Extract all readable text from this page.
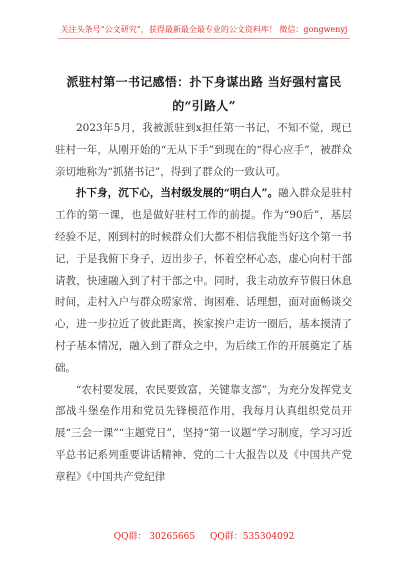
关注头条号“公文研究”，获得最新最全最专业的公文资料库！ 微信：gongwenyj
派驻村第一书记感悟：扑下身谋出路 当好强村富民的“引路人”

2023年5月，我被派驻到x担任第一书记，不知不觉，现已驻村一年，从刚开始的“无从下手”到现在的“得心应手”，被群众亲切地称为“抓猪书记”，得到了群众的一致认可。

扑下身，沉下心，当村级发展的“明白人”。融入群众是驻村工作的第一课，也是做好驻村工作的前提。作为“90后”，基层经验不足，刚到村的时候群众们大都不相信我能当好这个第一书记，于是我俯下身子，迈出步子，怀着空杯心态，虚心向村干部请教，快速融入到了村干部之中。同时，我主动放弃节假日休息时间，走村入户与群众唠家常、询困难、话理想，面对面畅谈交心，进一步拉近了彼此距离，挨家挨户走访一圈后，基本摸清了村子基本情况，融入到了群众之中，为后续工作的开展奠定了基础。

“农村要发展，农民要致富，关键靠支部”，为充分发挥党支部战斗堡垒作用和党员先锋模范作用，我每月认真组织党员开展“三会一课”“主题党日”，坚持“第一议题”学习制度，学习习近平总书记系列重要讲话精神、党的二十大报告以及《中国共产党章程》《中国共产党纪律

QQ群： 30265665 QQ群：535304092
